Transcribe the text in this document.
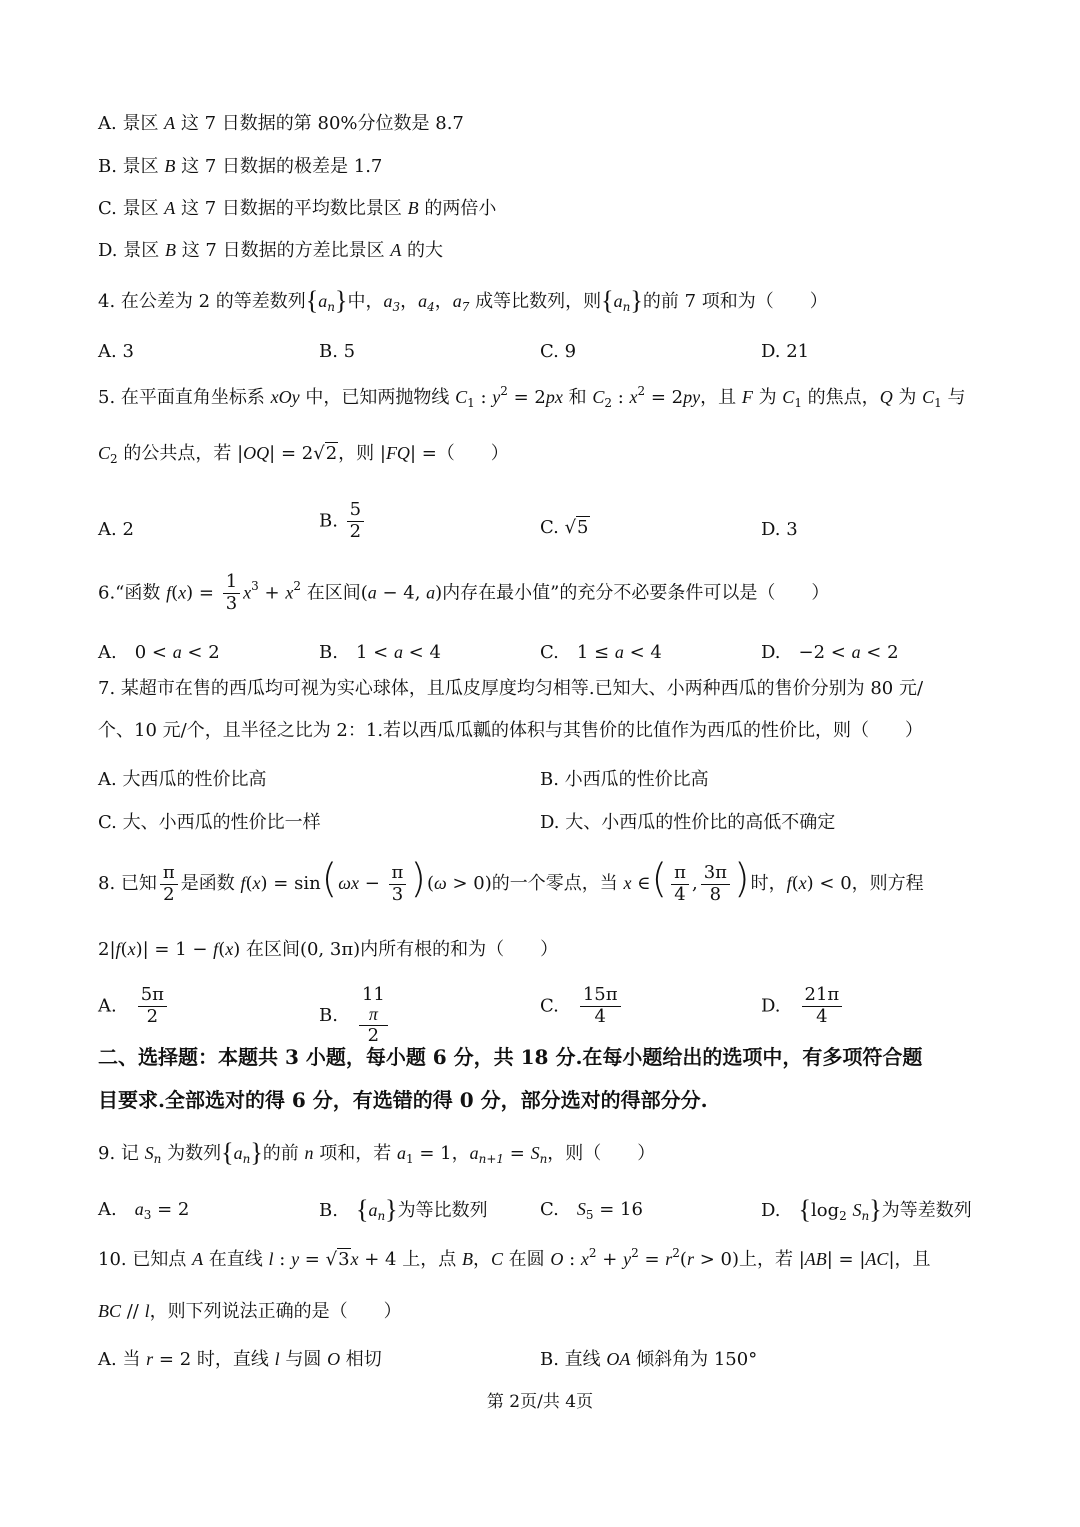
A. 景区 A 这 7 日数据的第 80%分位数是 8.7
B. 景区 B 这 7 日数据的极差是 1.7
C. 景区 A 这 7 日数据的平均数比景区 B 的两倍小
D. 景区 B 这 7 日数据的方差比景区 A 的大
4. 在公差为 2 的等差数列$\{a_n\}$中，$a_3$，$a_4$，$a_7$ 成等比数列，则$\{a_n\}$的前 7 项和为（　　）
A. 3	B. 5	C. 9	D. 21
5. 在平面直角坐标系 xOy 中，已知两抛物线 $C_1$ : $y^2 = 2px$ 和 $C_2$ : $x^2 = 2py$，且 F 为 $C_1$ 的焦点，Q 为 $C_1$ 与
$C_2$ 的公共点，若 |OQ| = 2√2，则 |FQ| =（　　）
A. 2	B. $\frac{5}{2}$	C. √5	D. 3
6.“函数 $f(x) = \frac{1}{3} x^3 + x^2$ 在区间(a − 4, a)内存在最小值”的充分不必要条件可以是（　　）
A.　0 < a < 2	B.　1 < a < 4	C.　1 ≤ a < 4	D.　−2 < a < 2
7. 某超市在售的西瓜均可视为实心球体，且瓜皮厚度均匀相等.已知大、小两种西瓜的售价分别为 80 元/
个、10 元/个，且半径之比为 2：1.若以西瓜瓜瓤的体积与其售价的比值作为西瓜的性价比，则（　　）
A. 大西瓜的性价比高	B. 小西瓜的性价比高
C. 大、小西瓜的性价比一样	D. 大、小西瓜的性价比的高低不确定
8. 已知 $\frac{\pi}{2}$ 是函数 $f(x) = \sin(\omega x - \frac{\pi}{3} )(\omega > 0)$的一个零点，当 x ∈( $\frac{\pi}{4}$ , $\frac{3\pi}{8}$ )时，f(x) < 0，则方程
2|f(x)| = 1 − f(x) 在区间(0, 3π)内所有根的和为（　　）
A.　 $\frac{5\pi}{2}$	B.　 11
π
2	C.　 $\frac{15\pi}{4}$	D.　 $\frac{21\pi}{4}$
二、选择题：本题共 3 小题，每小题 6 分，共 18 分.在每小题给出的选项中，有多项符合题
目要求.全部选对的得 6 分，有选错的得 0 分，部分选对的得部分分.
9. 记 $S_n$ 为数列$\{a_n\}$的前 n 项和，若 $a_1 = 1$，$a_{n+1} = S_n$，则（　　）
A.　$a_3 = 2$	B.　$\{a_n\}$为等比数列	C.　$S_5 = 16$	D.　{$\log_2$ $S_n$}为等差数列
10. 已知点 A 在直线 l : y = √3x + 4 上，点 B，C 在圆 O : $x^2 + y^2 = r^2(r > 0)$上，若 |AB| = |AC|，且
BC // l，则下列说法正确的是（　　）
A. 当 r = 2 时，直线 l 与圆 O 相切	B. 直线 OA 倾斜角为 150°
第 2页/共 4页
